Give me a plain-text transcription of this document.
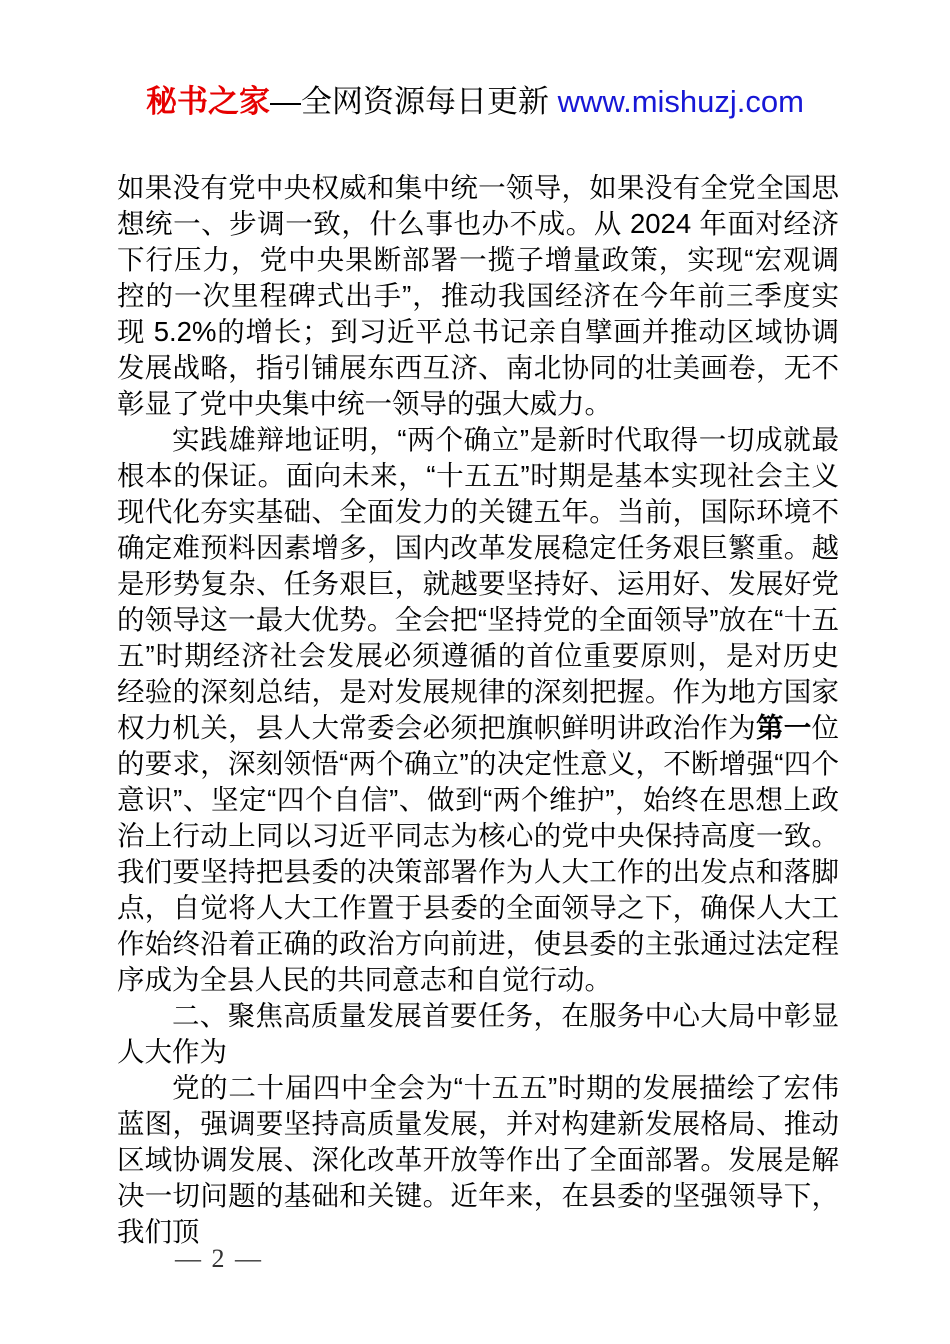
秘书之家—全网资源每日更新 www.mishuzj.com

如果没有党中央权威和集中统一领导，如果没有全党全国思想统一、步调一致，什么事也办不成。从 2024 年面对经济下行压力，党中央果断部署一揽子增量政策，实现“宏观调控的一次里程碑式出手”，推动我国经济在今年前三季度实现 5.2%的增长；到习近平总书记亲自擘画并推动区域协调发展战略，指引铺展东西互济、南北协同的壮美画卷，无不彰显了党中央集中统一领导的强大威力。

实践雄辩地证明，“两个确立”是新时代取得一切成就最根本的保证。面向未来，“十五五”时期是基本实现社会主义现代化夯实基础、全面发力的关键五年。当前，国际环境不确定难预料因素增多，国内改革发展稳定任务艰巨繁重。越是形势复杂、任务艰巨，就越要坚持好、运用好、发展好党的领导这一最大优势。全会把“坚持党的全面领导”放在“十五五”时期经济社会发展必须遵循的首位重要原则，是对历史经验的深刻总结，是对发展规律的深刻把握。作为地方国家权力机关，县人大常委会必须把旗帜鲜明讲政治作为第一位的要求，深刻领悟“两个确立”的决定性意义，不断增强“四个意识”、坚定“四个自信”、做到“两个维护”，始终在思想上政治上行动上同以习近平同志为核心的党中央保持高度一致。我们要坚持把县委的决策部署作为人大工作的出发点和落脚点，自觉将人大工作置于县委的全面领导之下，确保人大工作始终沿着正确的政治方向前进，使县委的主张通过法定程序成为全县人民的共同意志和自觉行动。

二、聚焦高质量发展首要任务，在服务中心大局中彰显人大作为

党的二十届四中全会为“十五五”时期的发展描绘了宏伟蓝图，强调要坚持高质量发展，并对构建新发展格局、推动区域协调发展、深化改革开放等作出了全面部署。发展是解决一切问题的基础和关键。近年来，在县委的坚强领导下，我们顶

— 2 —
